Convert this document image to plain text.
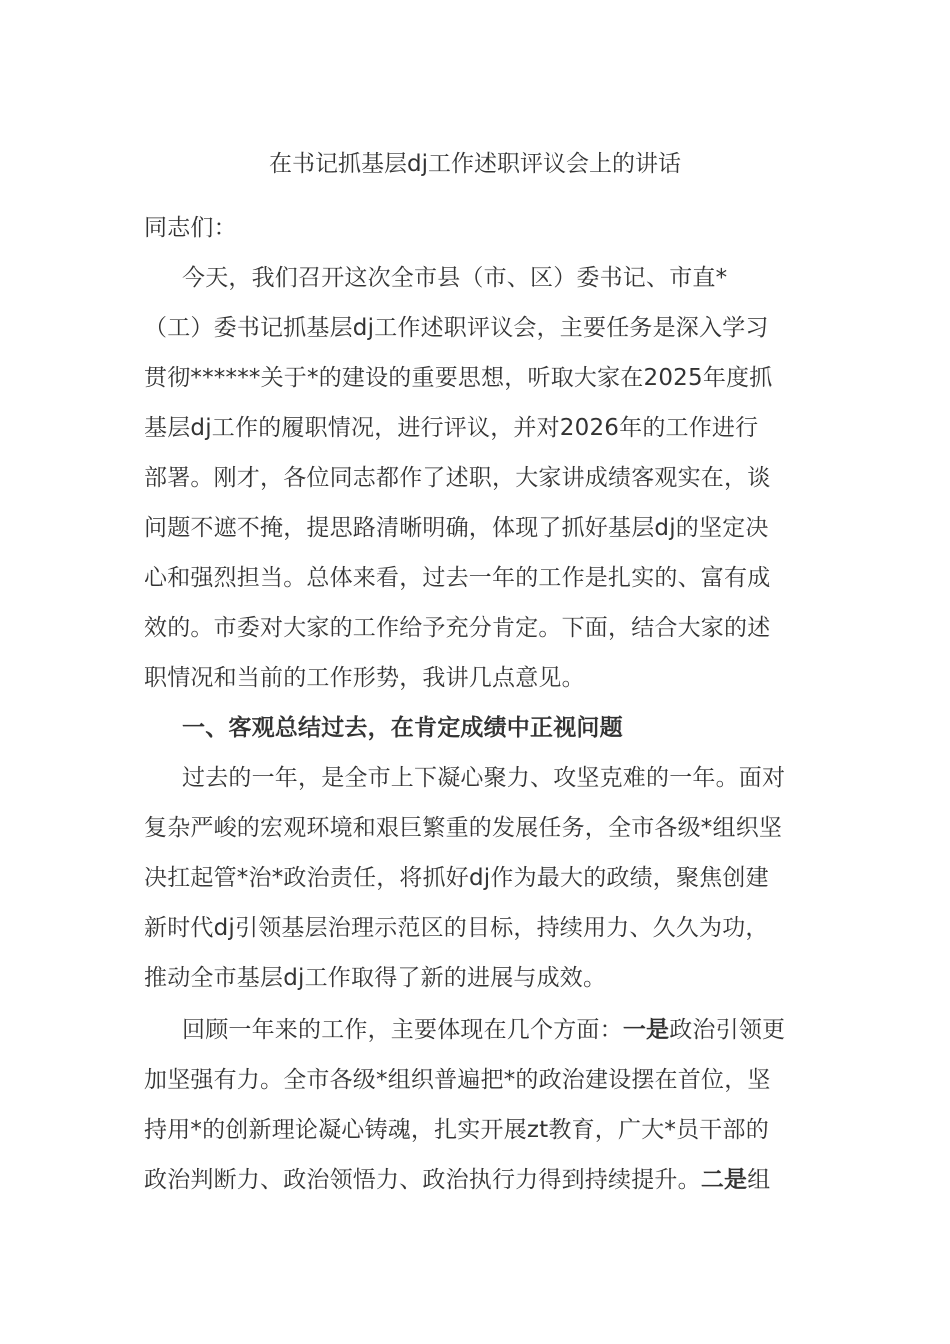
在书记抓基层dj工作述职评议会上的讲话
同志们：
今天，我们召开这次全市县（市、区）委书记、市直*
（工）委书记抓基层dj工作述职评议会，主要任务是深入学习
贯彻******关于*的建设的重要思想，听取大家在2025年度抓
基层dj工作的履职情况，进行评议，并对2026年的工作进行
部署。刚才，各位同志都作了述职，大家讲成绩客观实在，谈
问题不遮不掩，提思路清晰明确，体现了抓好基层dj的坚定决
心和强烈担当。总体来看，过去一年的工作是扎实的、富有成
效的。市委对大家的工作给予充分肯定。下面，结合大家的述
职情况和当前的工作形势，我讲几点意见。
一、客观总结过去，在肯定成绩中正视问题
过去的一年，是全市上下凝心聚力、攻坚克难的一年。面对
复杂严峻的宏观环境和艰巨繁重的发展任务，全市各级*组织坚
决扛起管*治*政治责任，将抓好dj作为最大的政绩，聚焦创建
新时代dj引领基层治理示范区的目标，持续用力、久久为功，
推动全市基层dj工作取得了新的进展与成效。
回顾一年来的工作，主要体现在几个方面：一是政治引领更
加坚强有力。全市各级*组织普遍把*的政治建设摆在首位，坚
持用*的创新理论凝心铸魂，扎实开展zt教育，广大*员干部的
政治判断力、政治领悟力、政治执行力得到持续提升。二是组
